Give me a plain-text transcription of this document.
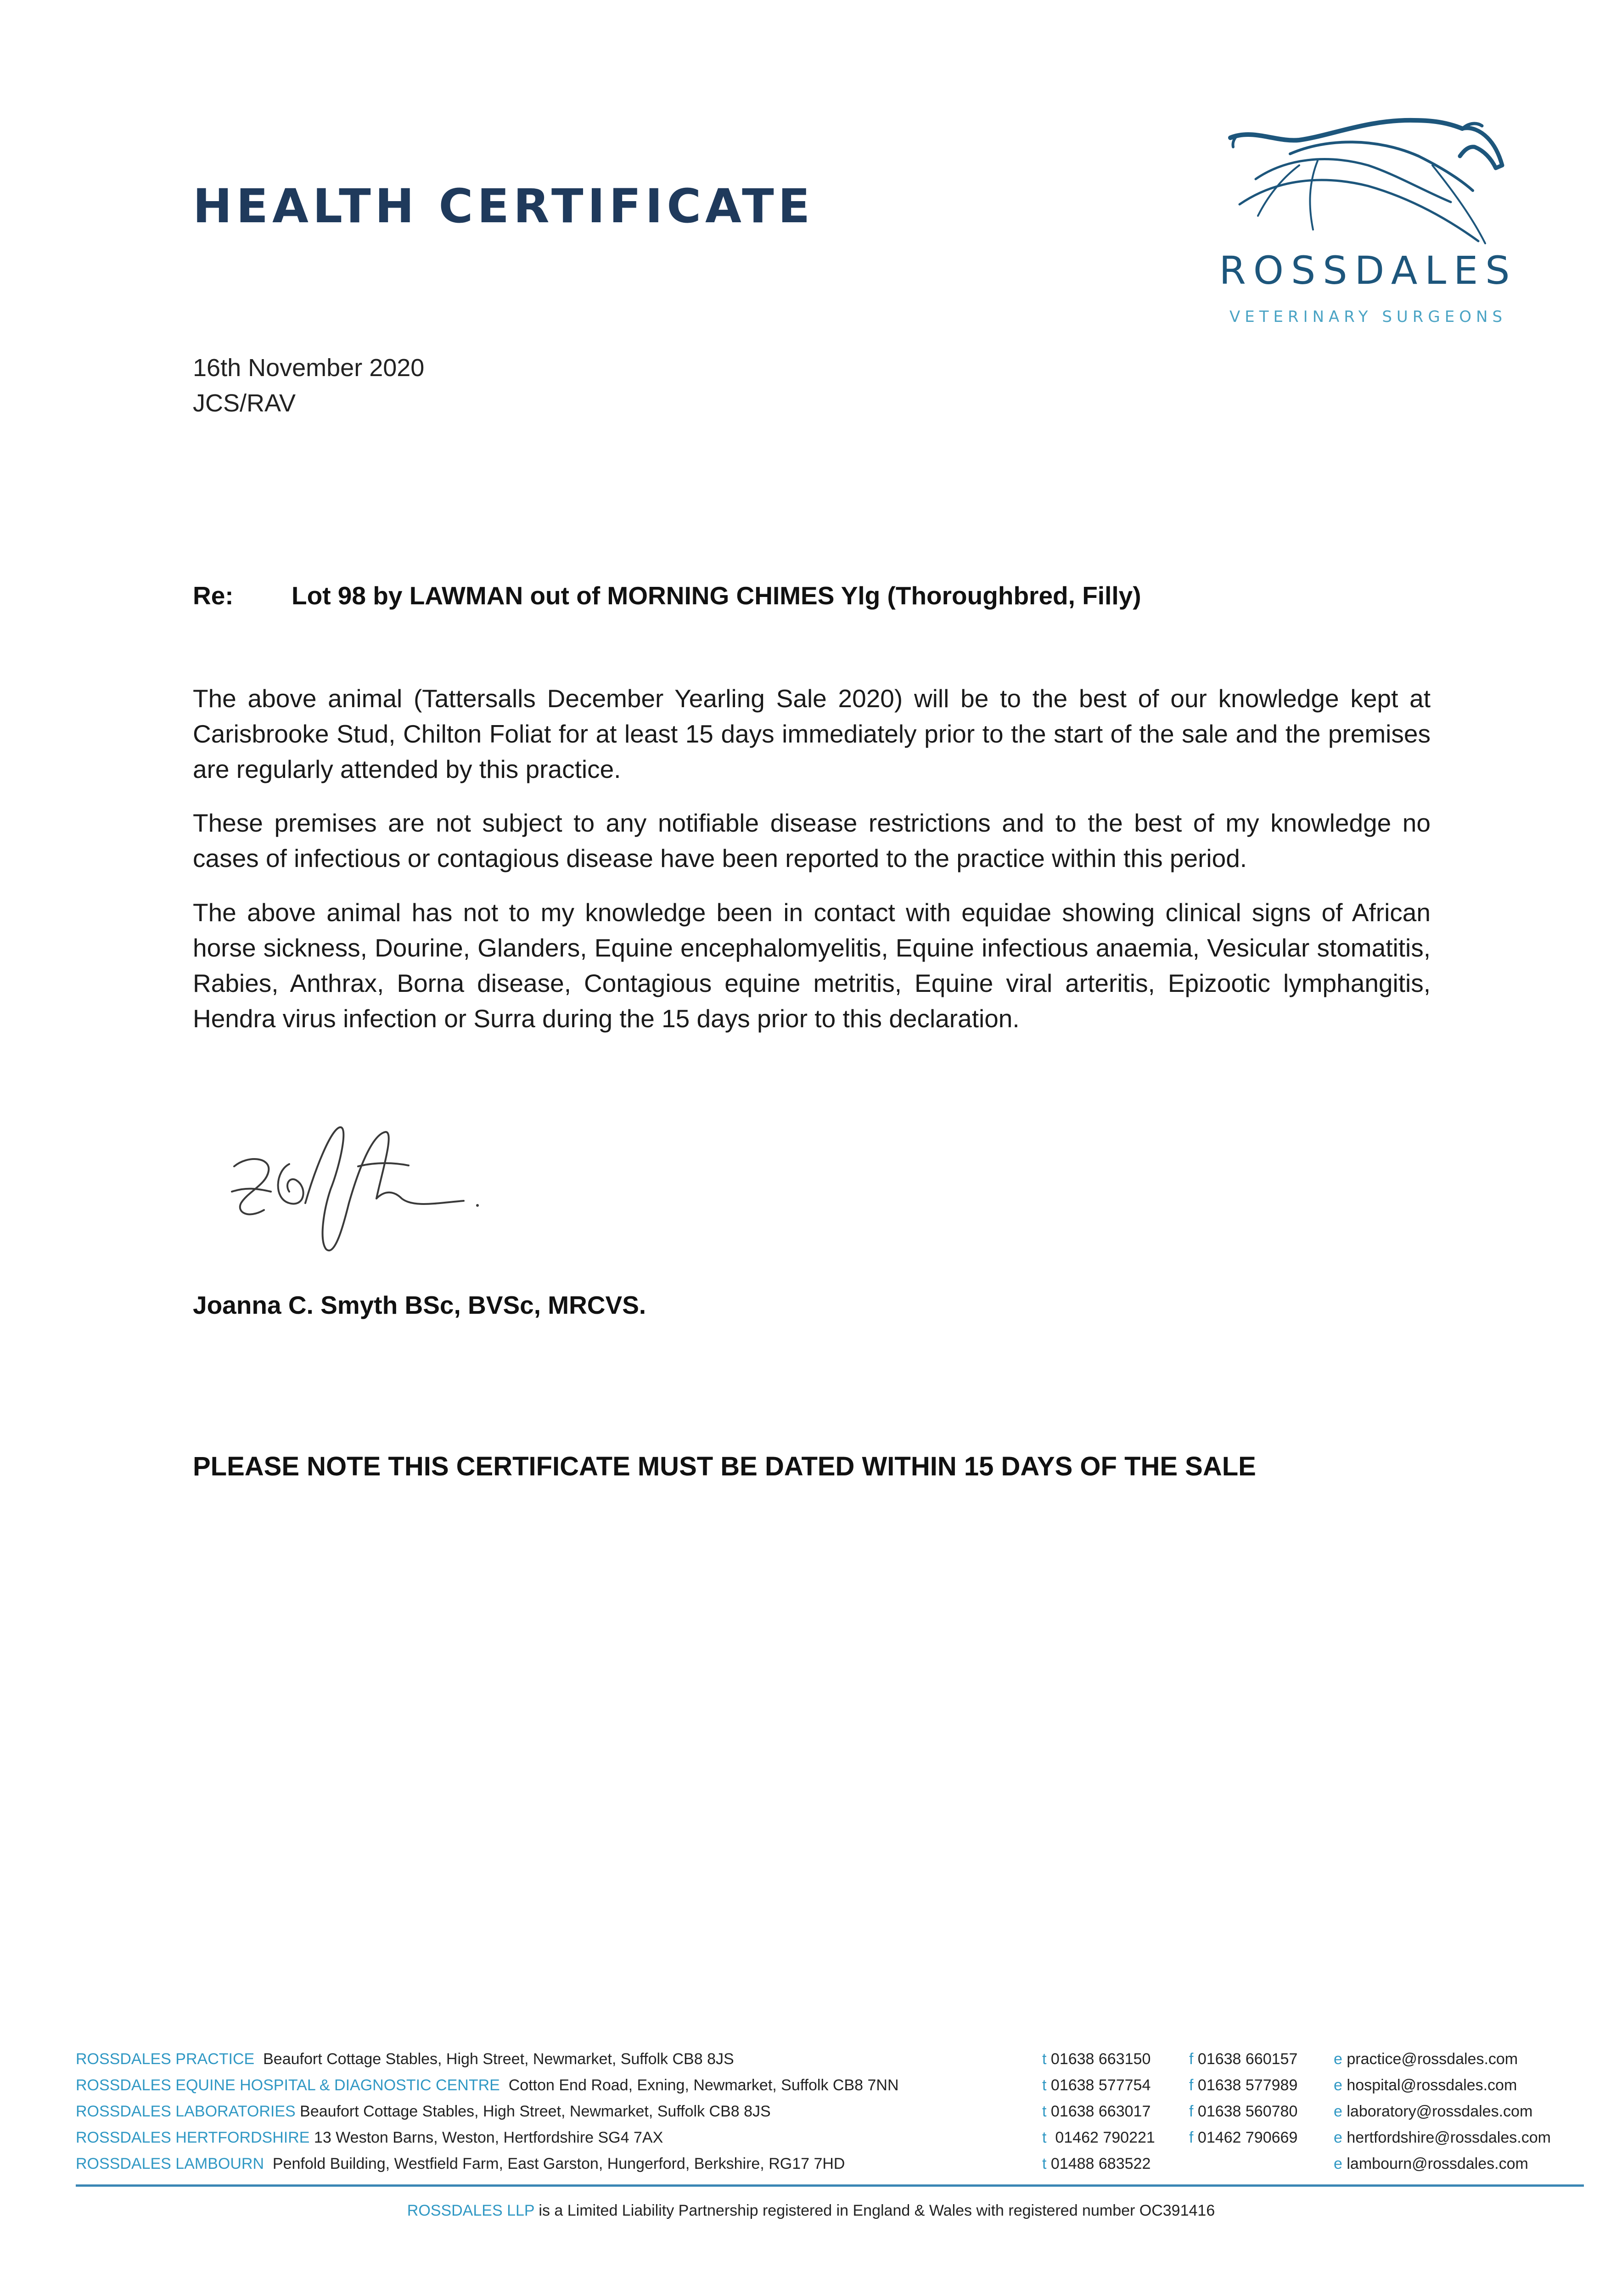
HEALTH CERTIFICATE
ROSSDALES
VETERINARY SURGEONS
16th November 2020
JCS/RAV
Re: Lot 98 by LAWMAN out of MORNING CHIMES Ylg (Thoroughbred, Filly)

The above animal (Tattersalls December Yearling Sale 2020) will be to the best of our knowledge kept at Carisbrooke Stud, Chilton Foliat for at least 15 days immediately prior to the start of the sale and the premises are regularly attended by this practice.

These premises are not subject to any notifiable disease restrictions and to the best of my knowledge no cases of infectious or contagious disease have been reported to the practice within this period.

The above animal has not to my knowledge been in contact with equidae showing clinical signs of African horse sickness, Dourine, Glanders, Equine encephalomyelitis, Equine infectious anaemia, Vesicular stomatitis, Rabies, Anthrax, Borna disease, Contagious equine metritis, Equine viral arteritis, Epizootic lymphangitis, Hendra virus infection or Surra during the 15 days prior to this declaration.

Joanna C. Smyth BSc, BVSc, MRCVS.
PLEASE NOTE THIS CERTIFICATE MUST BE DATED WITHIN 15 DAYS OF THE SALE
ROSSDALES PRACTICE Beaufort Cottage Stables, High Street, Newmarket, Suffolk CB8 8JS	t 01638 663150 f 01638 660157 e practice@rossdales.com
ROSSDALES EQUINE HOSPITAL & DIAGNOSTIC CENTRE Cotton End Road, Exning, Newmarket, Suffolk CB8 7NN	t 01638 577754 f 01638 577989 e hospital@rossdales.com
ROSSDALES LABORATORIES Beaufort Cottage Stables, High Street, Newmarket, Suffolk CB8 8JS	t 01638 663017 f 01638 560780 e laboratory@rossdales.com
ROSSDALES HERTFORDSHIRE 13 Weston Barns, Weston, Hertfordshire SG4 7AX	t 01462 790221 f 01462 790669 e hertfordshire@rossdales.com
ROSSDALES LAMBOURN Penfold Building, Westfield Farm, East Garston, Hungerford, Berkshire, RG17 7HD	t 01488 683522	e lambourn@rossdales.com
ROSSDALES LLP is a Limited Liability Partnership registered in England & Wales with registered number OC391416
